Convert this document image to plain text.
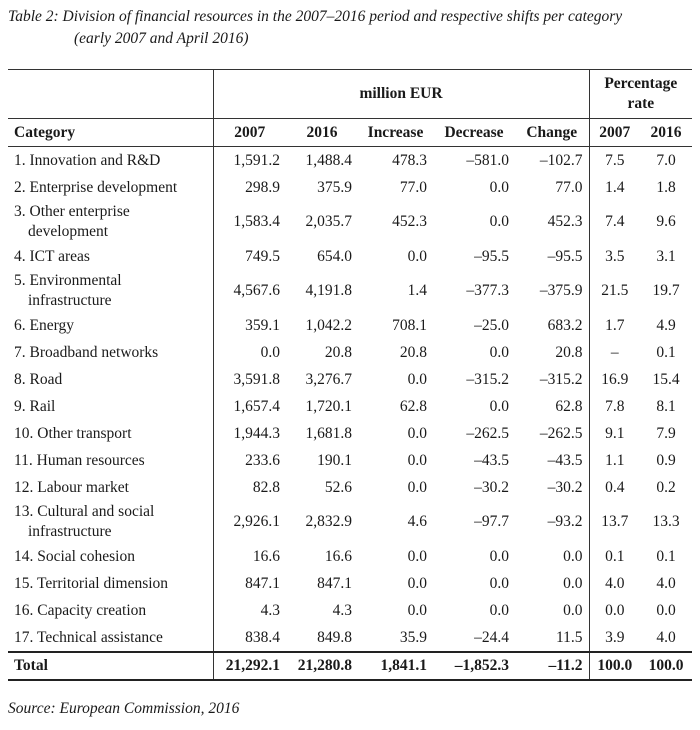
Table 2: Division of financial resources in the 2007–2016 period and respective shifts per category
(early 2007 and April 2016)
	million EUR					Percentage rate	
Category	2007	2016	Increase	Decrease	Change	2007	2016
1. Innovation and R&D	1,591.2	1,488.4	478.3	–581.0	–102.7	7.5	7.0
2. Enterprise development	298.9	375.9	77.0	0.0	77.0	1.4	1.8
3. Other enterprise
development	1,583.4	2,035.7	452.3	0.0	452.3	7.4	9.6
4. ICT areas	749.5	654.0	0.0	–95.5	–95.5	3.5	3.1
5. Environmental
infrastructure	4,567.6	4,191.8	1.4	–377.3	–375.9	21.5	19.7
6. Energy	359.1	1,042.2	708.1	–25.0	683.2	1.7	4.9
7. Broadband networks	0.0	20.8	20.8	0.0	20.8	–	0.1
8. Road	3,591.8	3,276.7	0.0	–315.2	–315.2	16.9	15.4
9. Rail	1,657.4	1,720.1	62.8	0.0	62.8	7.8	8.1
10. Other transport	1,944.3	1,681.8	0.0	–262.5	–262.5	9.1	7.9
11. Human resources	233.6	190.1	0.0	–43.5	–43.5	1.1	0.9
12. Labour market	82.8	52.6	0.0	–30.2	–30.2	0.4	0.2
13. Cultural and social
infrastructure	2,926.1	2,832.9	4.6	–97.7	–93.2	13.7	13.3
14. Social cohesion	16.6	16.6	0.0	0.0	0.0	0.1	0.1
15. Territorial dimension	847.1	847.1	0.0	0.0	0.0	4.0	4.0
16. Capacity creation	4.3	4.3	0.0	0.0	0.0	0.0	0.0
17. Technical assistance	838.4	849.8	35.9	–24.4	11.5	3.9	4.0
Total	21,292.1	21,280.8	1,841.1	–1,852.3	–11.2	100.0	100.0
Source: European Commission, 2016
